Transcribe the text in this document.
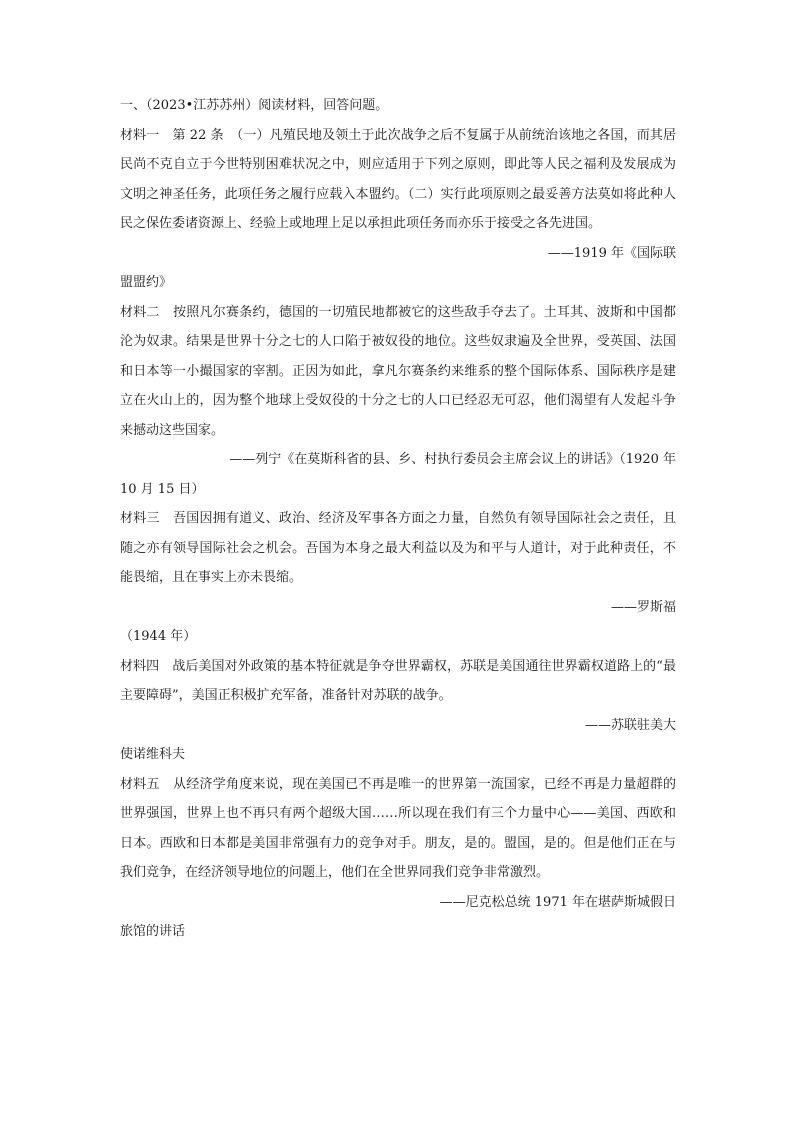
一、（2023•江苏苏州）阅读材料，回答问题。

材料一　第 22 条　（一）凡殖民地及领土于此次战争之后不复属于从前统治该地之各国，而其居民尚不克自立于今世特别困难状况之中，则应适用于下列之原则，即此等人民之福利及发展成为文明之神圣任务，此项任务之履行应载入本盟约。（二）实行此项原则之最妥善方法莫如将此种人民之保佐委诸资源上、经验上或地理上足以承担此项任务而亦乐于接受之各先进国。

——1919 年《国际联

盟盟约》

材料二　按照凡尔赛条约，德国的一切殖民地都被它的这些敌手夺去了。土耳其、波斯和中国都沦为奴隶。结果是世界十分之七的人口陷于被奴役的地位。这些奴隶遍及全世界，受英国、法国和日本等一小撮国家的宰割。正因为如此，拿凡尔赛条约来维系的整个国际体系、国际秩序是建立在火山上的，因为整个地球上受奴役的十分之七的人口已经忍无可忍，他们渴望有人发起斗争来撼动这些国家。

——列宁《在莫斯科省的县、乡、村执行委员会主席会议上的讲话》（1920 年

10 月 15 日）

材料三　吾国因拥有道义、政治、经济及军事各方面之力量，自然负有领导国际社会之责任，且随之亦有领导国际社会之机会。吾国为本身之最大利益以及为和平与人道计，对于此种责任，不能畏缩，且在事实上亦未畏缩。

——罗斯福

（1944 年）

材料四　战后美国对外政策的基本特征就是争夺世界霸权，苏联是美国通往世界霸权道路上的“最主要障碍”，美国正积极扩充军备，准备针对苏联的战争。

——苏联驻美大

使诺维科夫

材料五　从经济学角度来说，现在美国已不再是唯一的世界第一流国家，已经不再是力量超群的世界强国，世界上也不再只有两个超级大国……所以现在我们有三个力量中心——美国、西欧和日本。西欧和日本都是美国非常强有力的竞争对手。朋友，是的。盟国，是的。但是他们正在与我们竞争，在经济领导地位的问题上，他们在全世界同我们竞争非常激烈。

——尼克松总统 1971 年在堪萨斯城假日

旅馆的讲话
